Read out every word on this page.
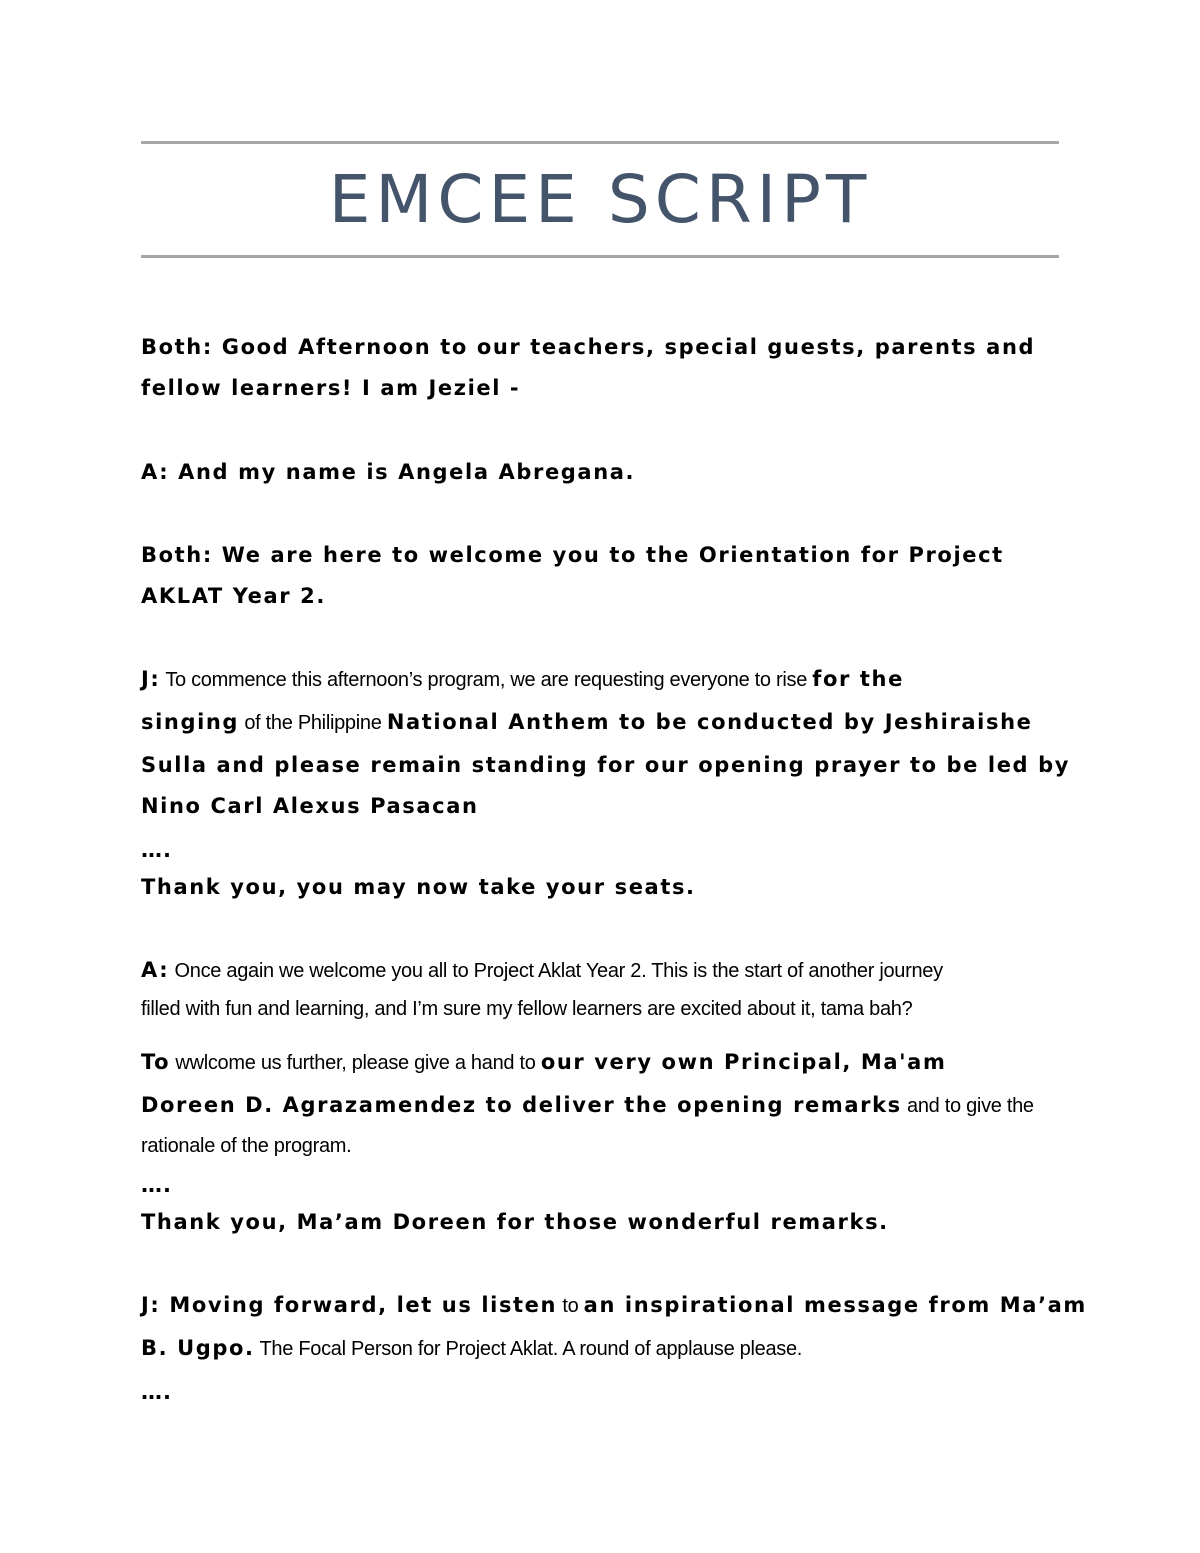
EMCEE SCRIPT
Both: Good Afternoon to our teachers, special guests, parents and
fellow learners! I am Jeziel -
A: And my name is Angela Abregana.
Both: We are here to welcome you to the Orientation for Project
AKLAT Year 2.
J: To commence this afternoon’s program, we are requesting everyone to rise for the
singing of the Philippine National Anthem to be conducted by Jeshiraishe
Sulla and please remain standing for our opening prayer to be led by
Nino Carl Alexus Pasacan
….
Thank you, you may now take your seats.
A: Once again we welcome you all to Project Aklat Year 2. This is the start of another journey
filled with fun and learning, and I’m sure my fellow learners are excited about it, tama bah?
To wwlcome us further, please give a hand to our very own Principal, Ma'am
Doreen D. Agrazamendez to deliver the opening remarks and to give the
rationale of the program.
….
Thank you, Ma’am Doreen for those wonderful remarks.
J: Moving forward, let us listen to an inspirational message from Ma’am
B. Ugpo. The Focal Person for Project Aklat. A round of applause please.
….
